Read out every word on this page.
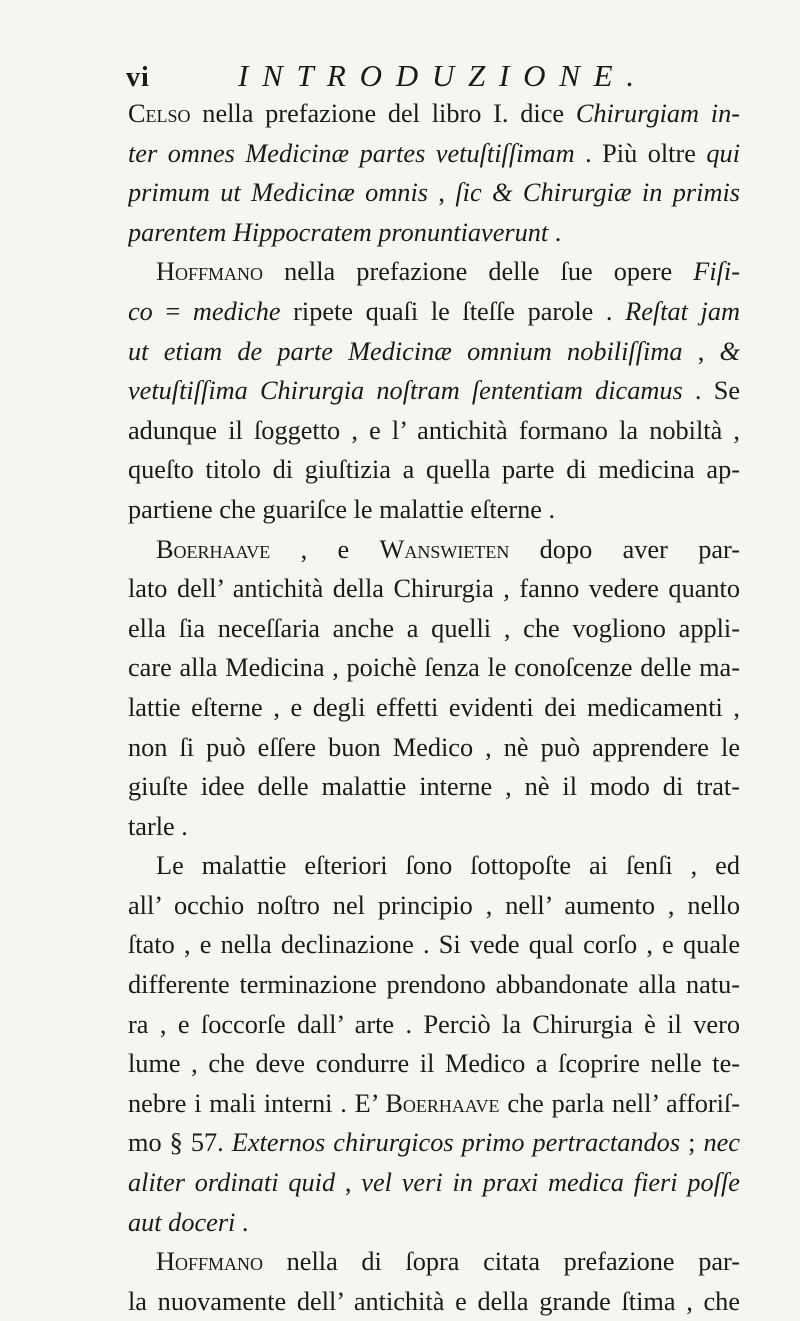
vi	I N T R O D U Z I O N E .
Celso nella prefazione del libro I. dice Chirurgiam in-
ter omnes Medicinæ partes vetuſtiſſimam . Più oltre qui
primum ut Medicinæ omnis , ſic & Chirurgiæ in primis
parentem Hippocratem pronuntiaverunt .
Hoffmano nella prefazione delle ſue opere Fiſi-
co = mediche ripete quaſi le ſteſſe parole . Reſtat jam
ut etiam de parte Medicinæ omnium nobiliſſima , &
vetuſtiſſima Chirurgia noſtram ſententiam dicamus . Se
adunque il ſoggetto , e l’ antichità formano la nobiltà ,
queſto titolo di giuſtizia a quella parte di medicina ap-
partiene che guariſce le malattie eſterne .
Boerhaave , e Wanswieten dopo aver par-
lato dell’ antichità della Chirurgia , fanno vedere quanto
ella ſia neceſſaria anche a quelli , che vogliono appli-
care alla Medicina , poichè ſenza le conoſcenze delle ma-
lattie eſterne , e degli effetti evidenti dei medicamenti ,
non ſi può eſſere buon Medico , nè può apprendere le
giuſte idee delle malattie interne , nè il modo di trat-
tarle .
Le malattie eſteriori ſono ſottopoſte ai ſenſi , ed
all’ occhio noſtro nel principio , nell’ aumento , nello
ſtato , e nella declinazione . Si vede qual corſo , e quale
differente terminazione prendono abbandonate alla natu-
ra , e ſoccorſe dall’ arte . Perciò la Chirurgia è il vero
lume , che deve condurre il Medico a ſcoprire nelle te-
nebre i mali interni . E’ Boerhaave che parla nell’ afforiſ-
mo § 57. Externos chirurgicos primo pertractandos ; nec
aliter ordinati quid , vel veri in praxi medica fieri poſſe
aut doceri .
Hoffmano nella di ſopra citata prefazione par-
la nuovamente dell’ antichità e della grande ſtima , che
